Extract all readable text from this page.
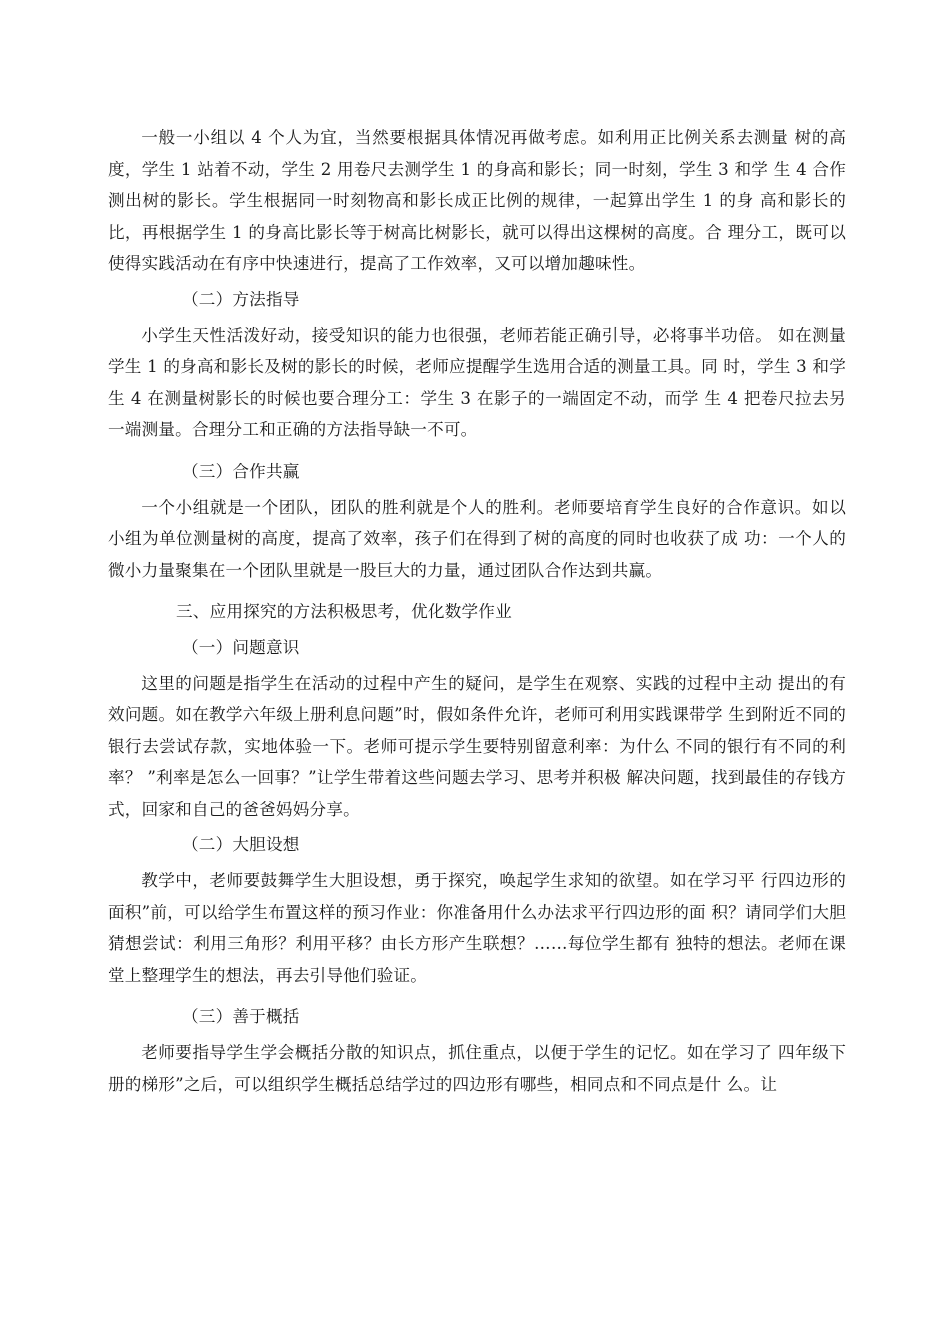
一般一小组以 4 个人为宜，当然要根据具体情况再做考虑。如利用正比例关系去测量 树的高度，学生 1 站着不动，学生 2 用卷尺去测学生 1 的身高和影长；同一时刻，学生 3 和学 生 4 合作测出树的影长。学生根据同一时刻物高和影长成正比例的规律，一起算出学生 1 的身 高和影长的比，再根据学生 1 的身高比影长等于树高比树影长，就可以得出这棵树的高度。合 理分工，既可以使得实践活动在有序中快速进行，提高了工作效率，又可以增加趣味性。

（二）方法指导

小学生天性活泼好动，接受知识的能力也很强，老师若能正确引导，必将事半功倍。 如在测量学生 1 的身高和影长及树的影长的时候，老师应提醒学生选用合适的测量工具。同 时，学生 3 和学生 4 在测量树影长的时候也要合理分工：学生 3 在影子的一端固定不动，而学 生 4 把卷尺拉去另一端测量。合理分工和正确的方法指导缺一不可。

（三）合作共赢

一个小组就是一个团队，团队的胜利就是个人的胜利。老师要培育学生良好的合作意识。如以小组为单位测量树的高度，提高了效率，孩子们在得到了树的高度的同时也收获了成 功：一个人的微小力量聚集在一个团队里就是一股巨大的力量，通过团队合作达到共赢。

三、应用探究的方法积极思考，优化数学作业

（一）问题意识

这里的问题是指学生在活动的过程中产生的疑问，是学生在观察、实践的过程中主动 提出的有效问题。如在教学六年级上册利息问题”时，假如条件允许，老师可利用实践课带学 生到附近不同的银行去尝试存款，实地体验一下。老师可提示学生要特别留意利率：为什么 不同的银行有不同的利率？ ”利率是怎么一回事？”让学生带着这些问题去学习、思考并积极 解决问题，找到最佳的存钱方式，回家和自己的爸爸妈妈分享。

（二）大胆设想

教学中，老师要鼓舞学生大胆设想，勇于探究，唤起学生求知的欲望。如在学习平 行四边形的面积”前，可以给学生布置这样的预习作业：你准备用什么办法求平行四边形的面 积？请同学们大胆猜想尝试：利用三角形？利用平移？由长方形产生联想？……每位学生都有 独特的想法。老师在课堂上整理学生的想法，再去引导他们验证。

（三）善于概括

老师要指导学生学会概括分散的知识点，抓住重点，以便于学生的记忆。如在学习了 四年级下册的梯形”之后，可以组织学生概括总结学过的四边形有哪些，相同点和不同点是什 么。让
